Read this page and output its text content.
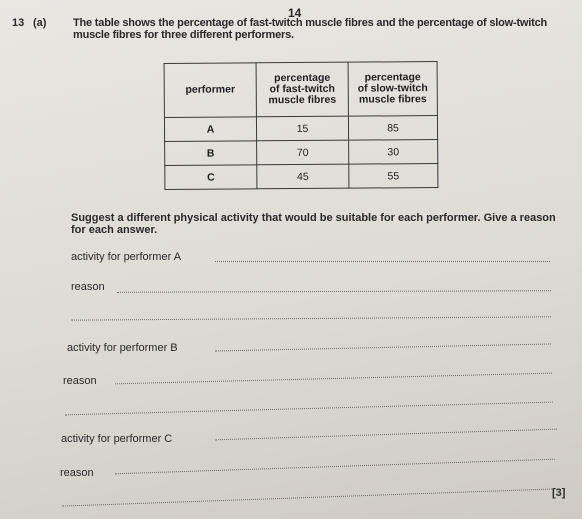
14
13 (a) The table shows the percentage of fast-twitch muscle fibres and the percentage of slow-twitch
muscle fibres for three different performers.
performer	percentage
of fast-twitch
muscle fibres	percentage
of slow-twitch
muscle fibres
A	15	85
B	70	30
C	45	55
Suggest a different physical activity that would be suitable for each performer. Give a reason
for each answer.
activity for performer A
reason
activity for performer B
reason
activity for performer C
reason
[3]
